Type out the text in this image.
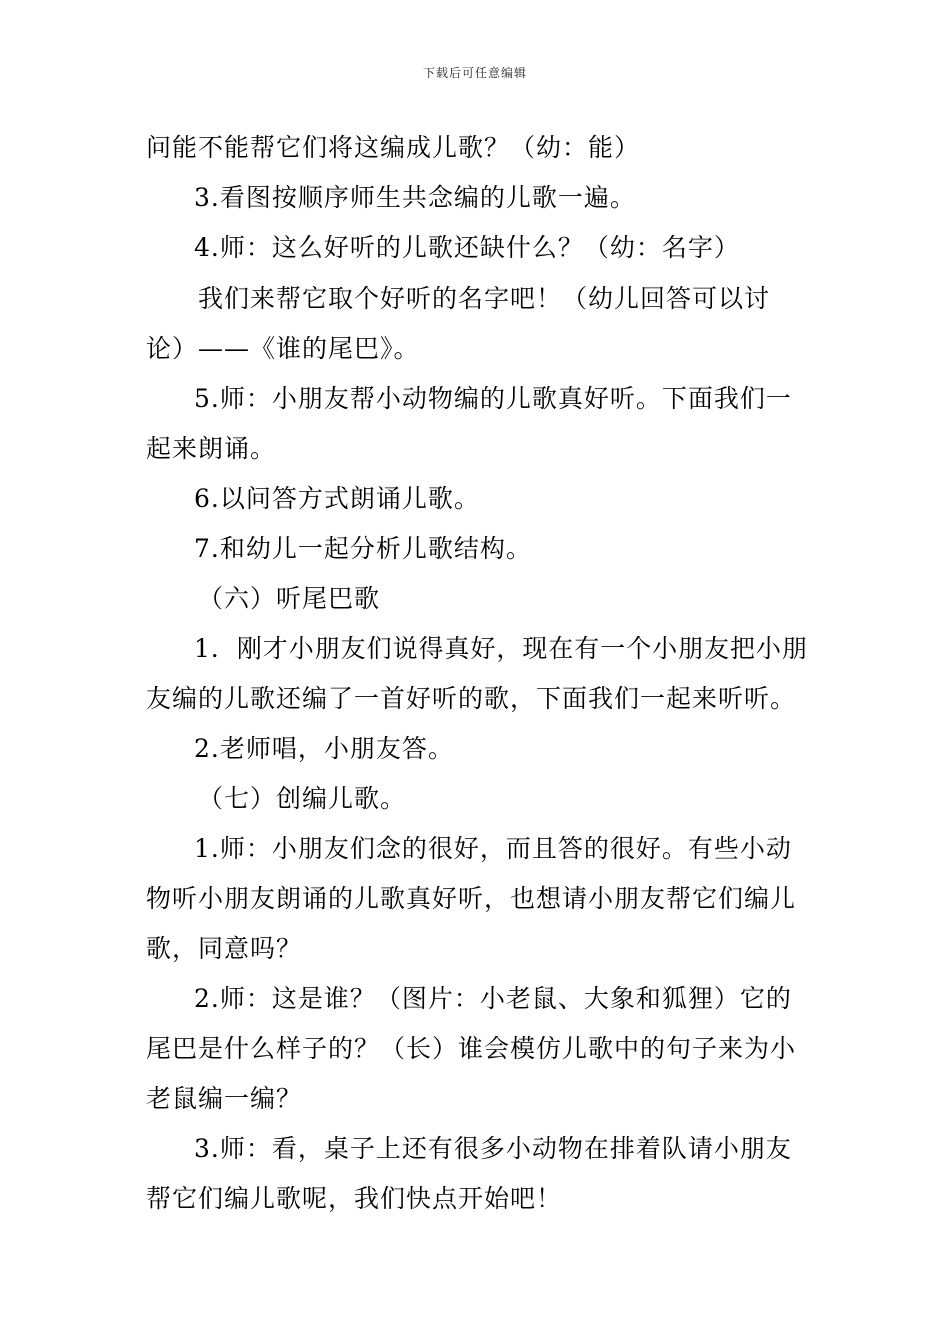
下载后可任意编辑
问能不能帮它们将这编成儿歌？（幼：能）
3.看图按顺序师生共念编的儿歌一遍。
4.师：这么好听的儿歌还缺什么？（幼：名字）
我们来帮它取个好听的名字吧！（幼儿回答可以讨
论）——《谁的尾巴》。
5.师：小朋友帮小动物编的儿歌真好听。下面我们一
起来朗诵。
6.以问答方式朗诵儿歌。
7.和幼儿一起分析儿歌结构。
（六）听尾巴歌
1．刚才小朋友们说得真好，现在有一个小朋友把小朋
友编的儿歌还编了一首好听的歌，下面我们一起来听听。
2.老师唱，小朋友答。
（七）创编儿歌。
1.师：小朋友们念的很好，而且答的很好。有些小动
物听小朋友朗诵的儿歌真好听，也想请小朋友帮它们编儿
歌，同意吗？
2.师：这是谁？（图片：小老鼠、大象和狐狸）它的
尾巴是什么样子的？（长）谁会模仿儿歌中的句子来为小
老鼠编一编？
3.师：看，桌子上还有很多小动物在排着队请小朋友
帮它们编儿歌呢，我们快点开始吧！
